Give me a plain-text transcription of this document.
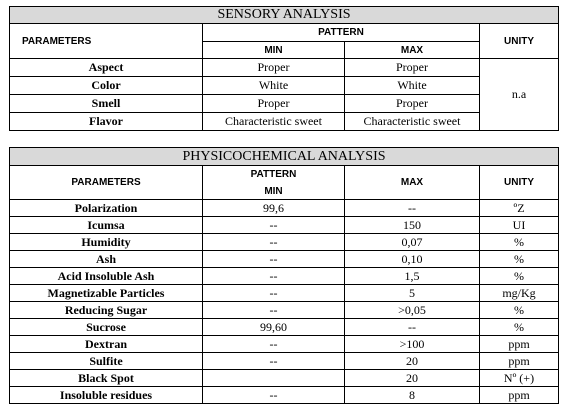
SENSORY ANALYSIS			
PARAMETERS	PATTERN		UNITY
	MIN	MAX	
Aspect	Proper	Proper	n.a
Color	White	White	
Smell	Proper	Proper	
Flavor	Characteristic sweet	Characteristic sweet	
PHYSICOCHEMICAL ANALYSIS			
PARAMETERS	PATTERN	MAX	UNITY
	MIN		
Polarization	99,6	--	ºZ
Icumsa	--	150	UI
Humidity	--	0,07	%
Ash	--	0,10	%
Acid Insoluble Ash	--	1,5	%
Magnetizable Particles	--	5	mg/Kg
Reducing Sugar	--	>0,05	%
Sucrose	99,60	--	%
Dextran	--	>100	ppm
Sulfite	--	20	ppm
Black Spot		20	Nº (+)
Insoluble residues	--	8	ppm
